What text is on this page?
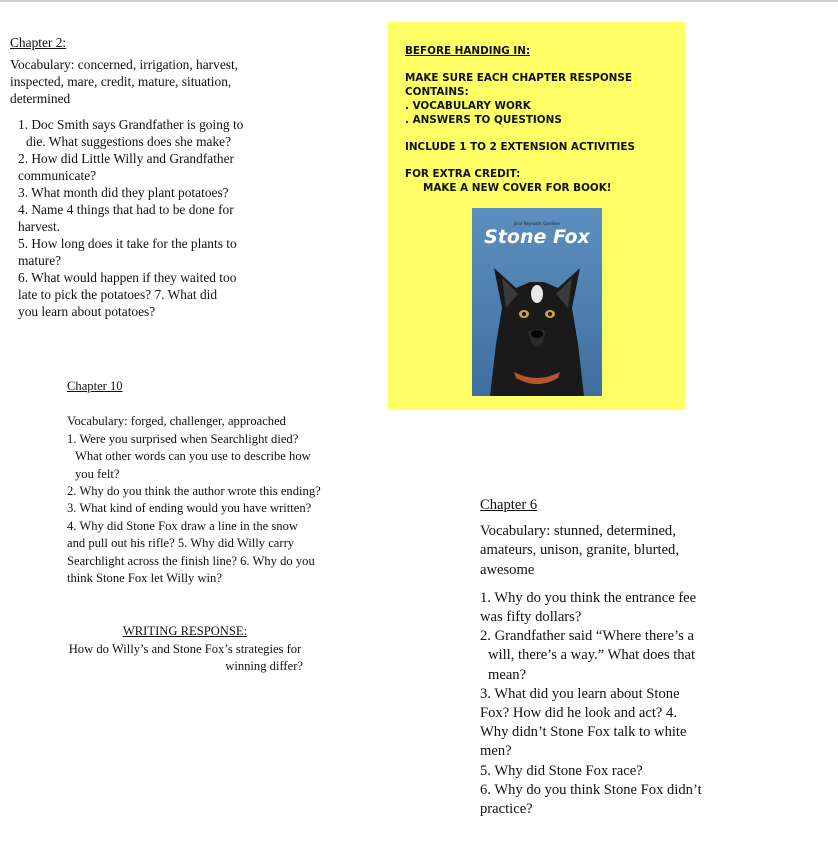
Chapter 2:
Vocabulary: concerned, irrigation, harvest,
inspected, mare, credit, mature, situation,
determined
1. Doc Smith says Grandfather is going to
die. What suggestions does she make?
2. How did Little Willy and Grandfather
communicate?
3. What month did they plant potatoes?
4. Name 4 things that had to be done for
harvest.
5. How long does it take for the plants to
mature?
6. What would happen if they waited too
late to pick the potatoes? 7. What did
you learn about potatoes?
BEFORE HANDING IN:
MAKE SURE EACH CHAPTER RESPONSE
CONTAINS:
. VOCABULARY WORK
. ANSWERS TO QUESTIONS
INCLUDE 1 TO 2 EXTENSION ACTIVITIES
FOR EXTRA CREDIT:
MAKE A NEW COVER FOR BOOK!
John Reynolds Gardiner
Stone Fox
Chapter 10
Vocabulary: forged, challenger, approached
1. Were you surprised when Searchlight died?
What other words can you use to describe how
you felt?
2. Why do you think the author wrote this ending?
3. What kind of ending would you have written?
4. Why did Stone Fox draw a line in the snow
and pull out his rifle? 5. Why did Willy carry
Searchlight across the finish line? 6. Why do you
think Stone Fox let Willy win?
WRITING RESPONSE:
How do Willy’s and Stone Fox’s strategies for
winning differ?
Chapter 6
Vocabulary: stunned, determined,
amateurs, unison, granite, blurted,
awesome
1. Why do you think the entrance fee
was fifty dollars?
2. Grandfather said “Where there’s a
will, there’s a way.” What does that
mean?
3. What did you learn about Stone
Fox? How did he look and act? 4.
Why didn’t Stone Fox talk to white
men?
5. Why did Stone Fox race?
6. Why do you think Stone Fox didn’t
practice?
